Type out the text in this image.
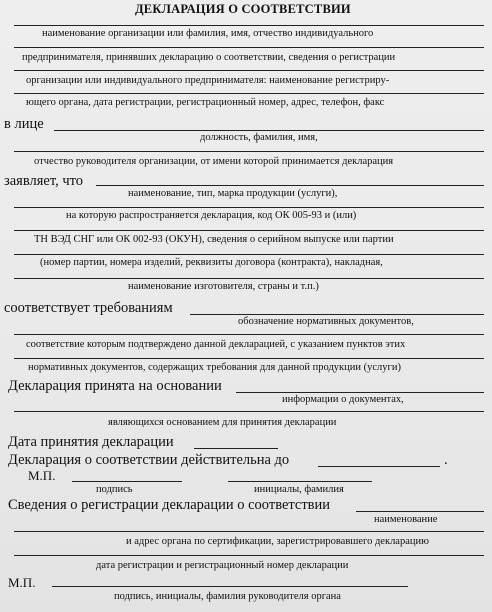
ДЕКЛАРАЦИЯ О СООТВЕТСТВИИ
наименование организации или фамилия, имя, отчество индивидуального
предпринимателя, принявших декларацию о соответствии, сведения о регистрации
организации или индивидуального предпринимателя: наименование регистриру-
ющего органа, дата регистрации, регистрационный номер, адрес, телефон, факс
в лице
должность, фамилия, имя,
отчество руководителя организации, от имени которой принимается декларация
заявляет, что
наименование, тип, марка продукции (услуги),
на которую распространяется декларация, код ОК 005-93 и (или)
ТН ВЭД СНГ или ОК 002-93 (ОКУН), сведения о серийном выпуске или партии
(номер партии, номера изделий, реквизиты договора (контракта), накладная,
наименование изготовителя, страны и т.п.)
соответствует требованиям
обозначение нормативных документов,
соответствие которым подтверждено данной декларацией, с указанием пунктов этих
нормативных документов, содержащих требования для данной продукции (услуги)
Декларация принята на основании
информации о документах,
являющихся основанием для принятия декларации
Дата принятия декларации
Декларация о соответствии действительна до	.
М.П.
подпись	инициалы, фамилия
Сведения о регистрации декларации о соответствии
наименование
и адрес органа по сертификации, зарегистрировавшего декларацию
дата регистрации и регистрационный номер декларации
М.П.
подпись, инициалы, фамилия руководителя органа
